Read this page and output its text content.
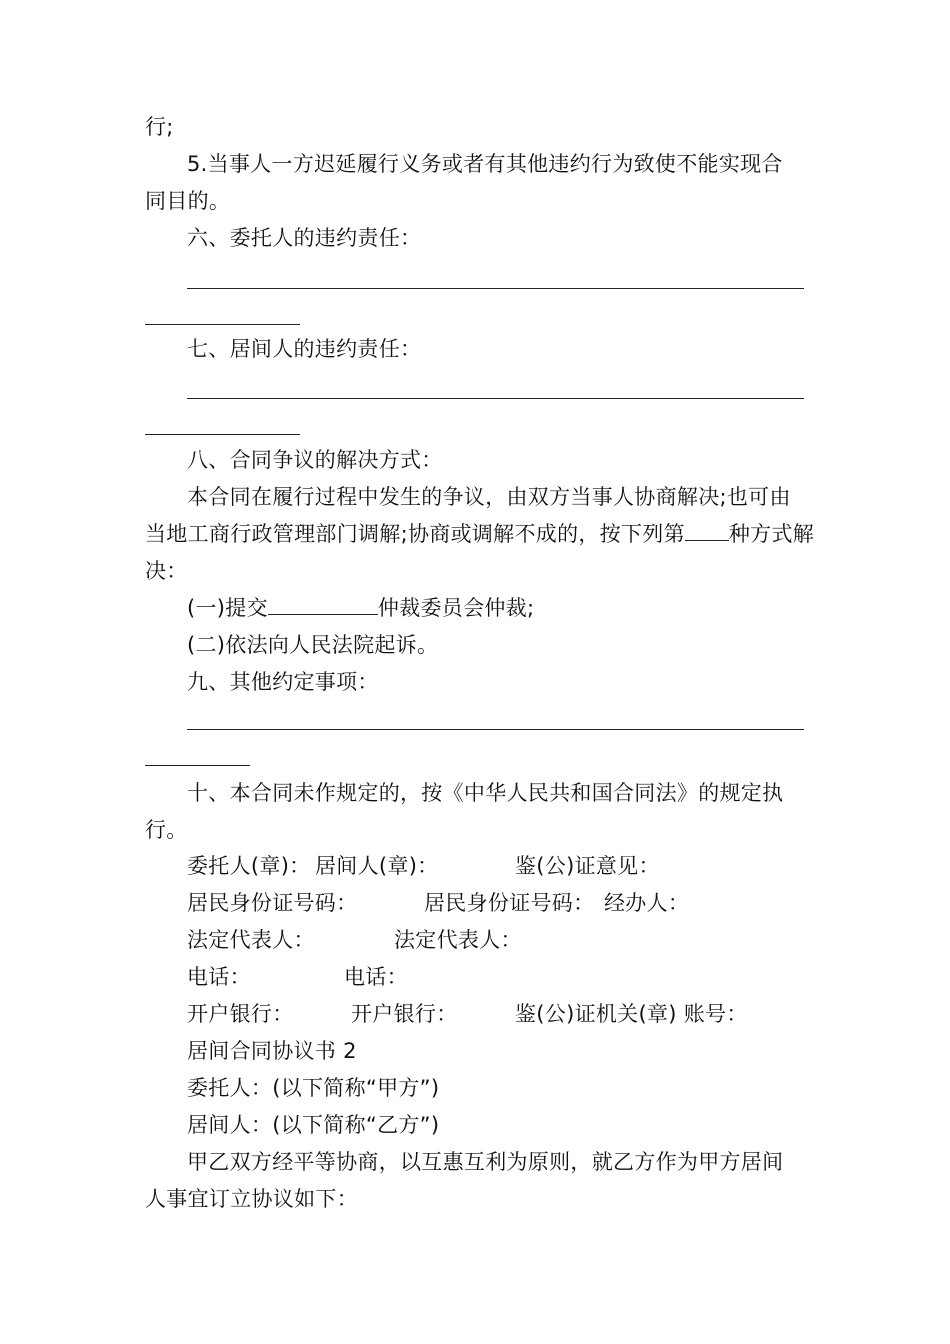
行;
5.当事人一方迟延履行义务或者有其他违约行为致使不能实现合
同目的。
六、委托人的违约责任：
七、居间人的违约责任：
八、合同争议的解决方式：
本合同在履行过程中发生的争议，由双方当事人协商解决;也可由
当地工商行政管理部门调解;协商或调解不成的，按下列第 种方式解
决：
(一)提交	仲裁委员会仲裁;
(二)依法向人民法院起诉。
九、其他约定事项：
十、本合同未作规定的，按《中华人民共和国合同法》的规定执
行。
委托人(章)： 居间人(章)：	鉴(公)证意见：
居民身份证号码：	居民身份证号码： 经办人：
法定代表人：	法定代表人：
电话：	电话：
开户银行：	开户银行：	鉴(公)证机关(章) 账号：
居间合同协议书 2
委托人：(以下简称“甲方”)
居间人：(以下简称“乙方”)
甲乙双方经平等协商，以互惠互利为原则，就乙方作为甲方居间
人事宜订立协议如下：
